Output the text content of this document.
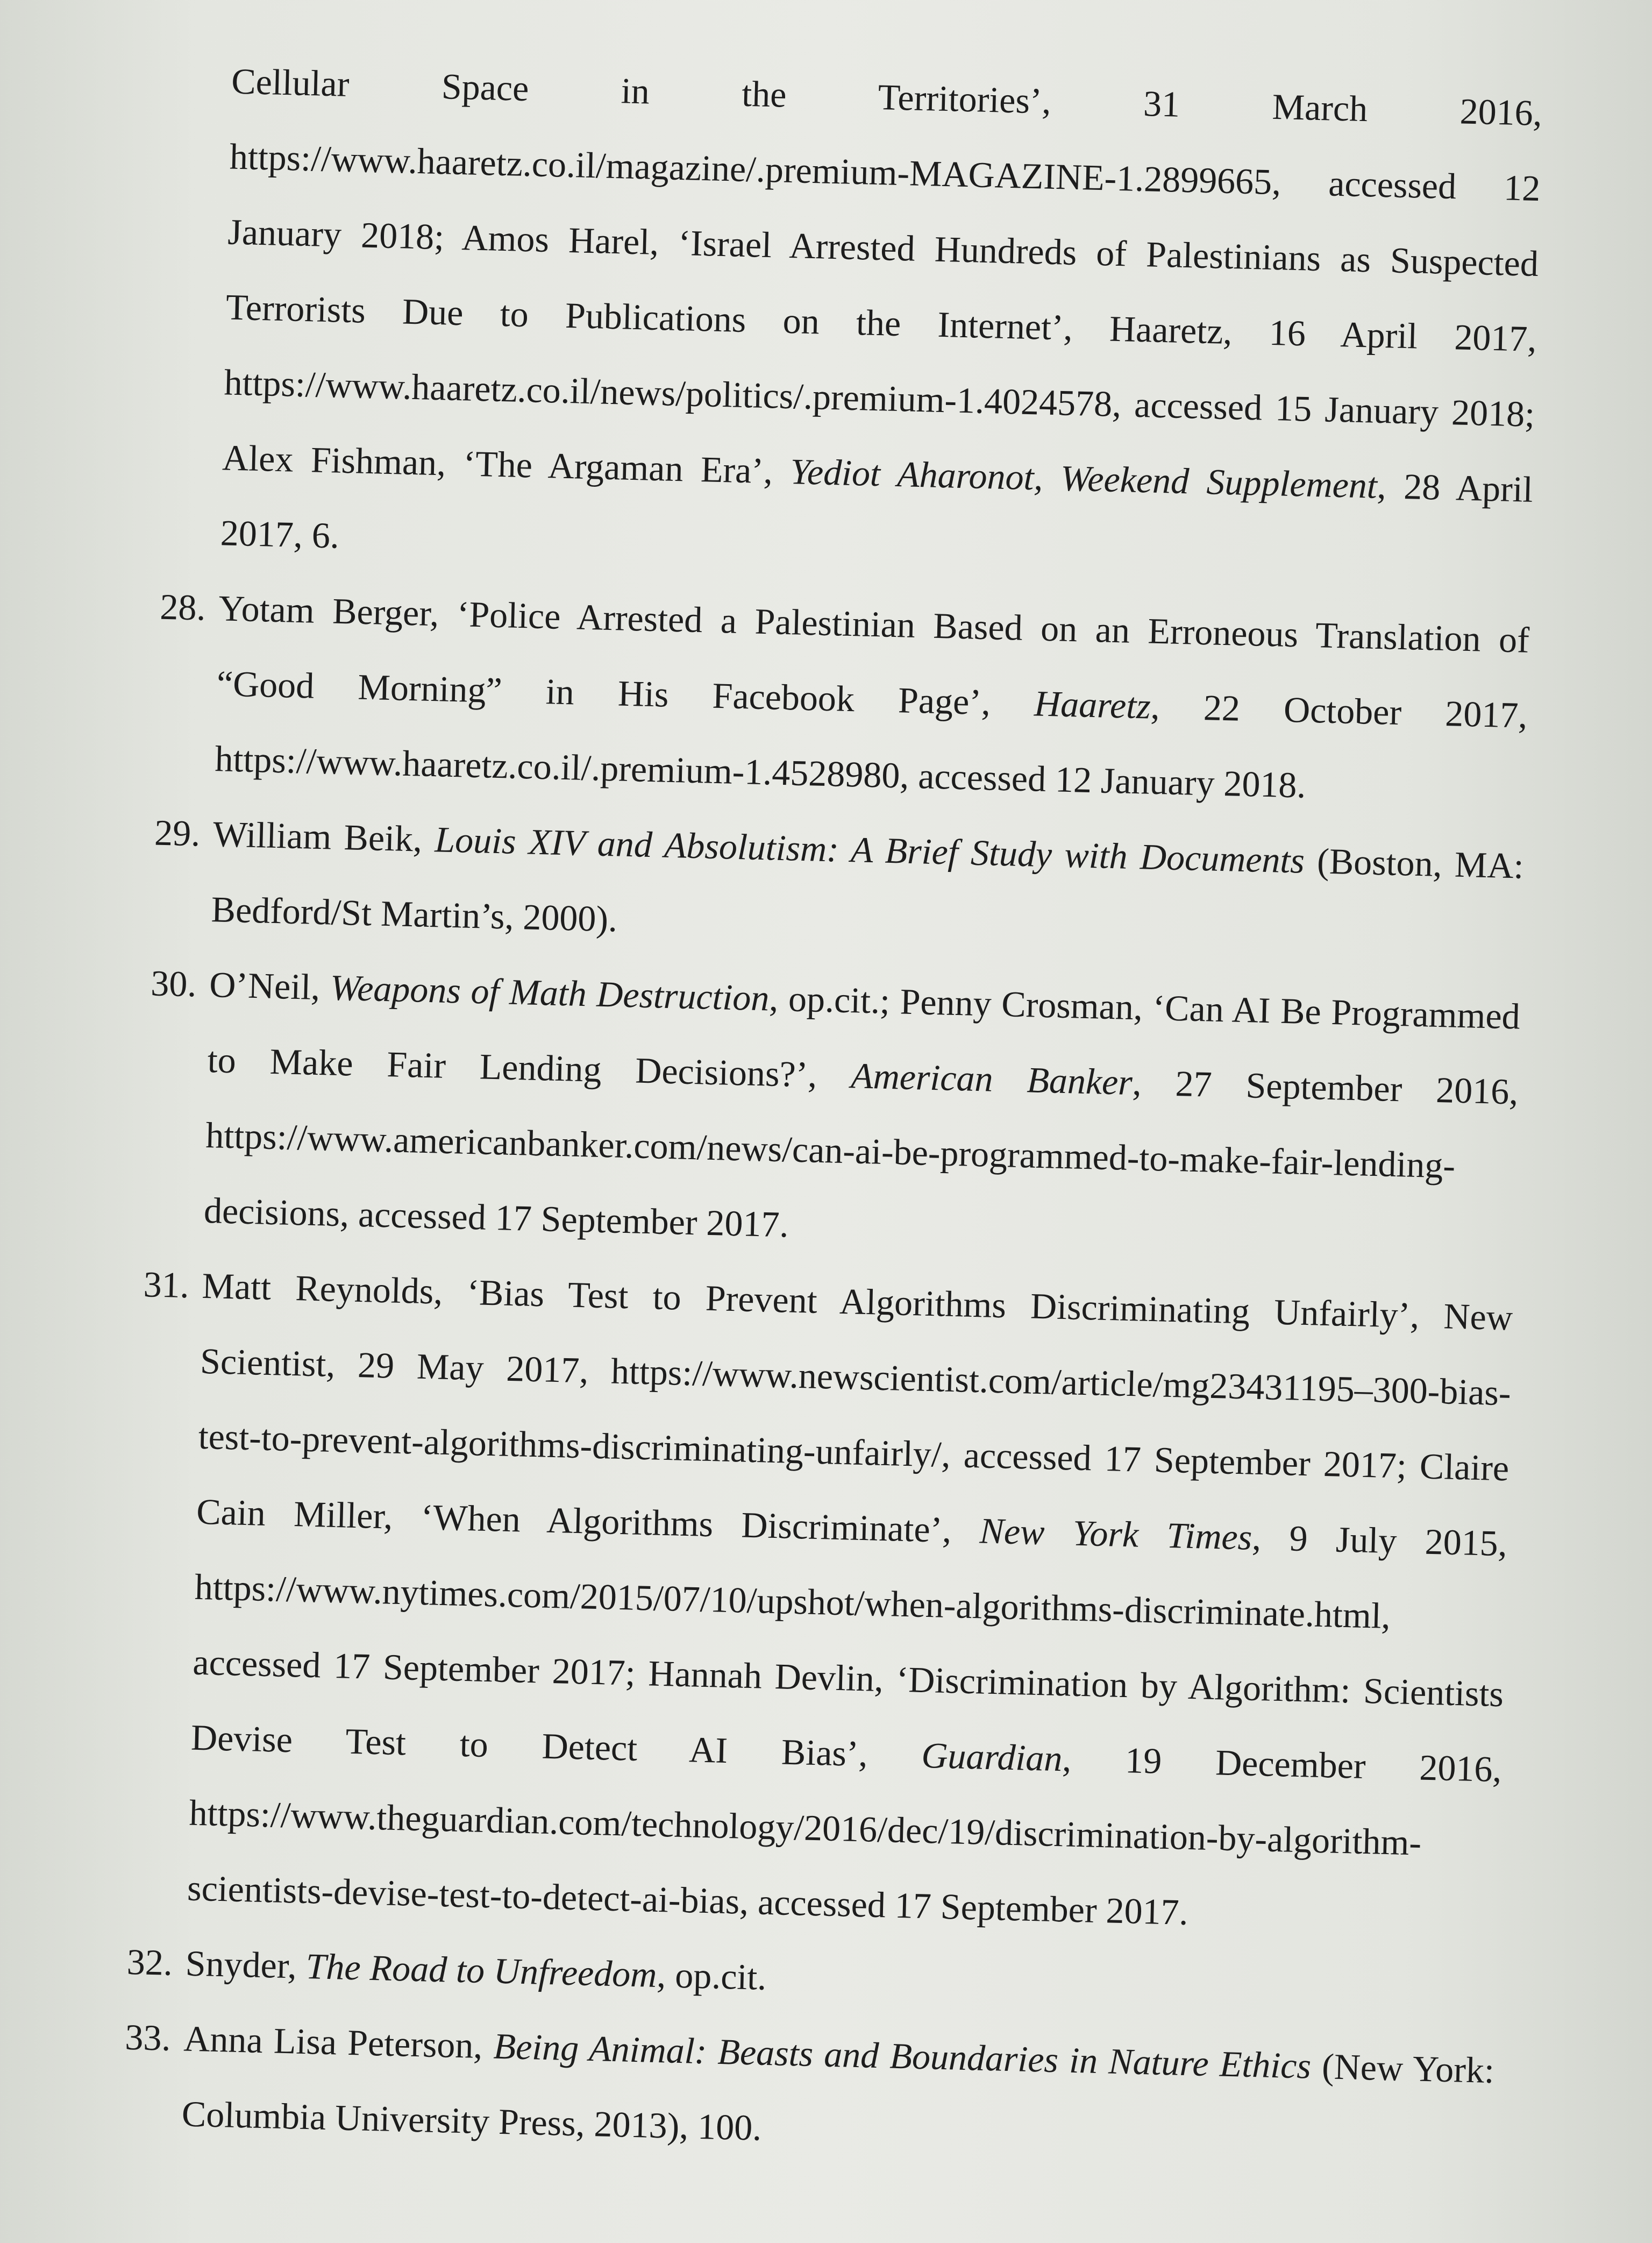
Cellular Space in the Territories’, 31 March 2016, https://www.haaretz.co.il/magazine/.premium-MAGAZINE-1.2899665, accessed 12 January 2018; Amos Harel, ‘Israel Arrested Hundreds of Palestinians as Suspected Terrorists Due to Publications on the Internet’, Haaretz, 16 April 2017, https://www.haaretz.co.il/news/politics/.premium-1.4024578, accessed 15 January 2018; Alex Fishman, ‘The Argaman Era’, Yediot Aharonot, Weekend Supplement, 28 April 2017, 6.
28. Yotam Berger, ‘Police Arrested a Palestinian Based on an Erroneous Translation of “Good Morning” in His Facebook Page’, Haaretz, 22 October 2017, https://www.haaretz.co.il/.premium-1.4528980, accessed 12 January 2018.
29. William Beik, Louis XIV and Absolutism: A Brief Study with Documents (Boston, MA: Bedford/St Martin’s, 2000).
30. O’Neil, Weapons of Math Destruction, op.cit.; Penny Crosman, ‘Can AI Be Programmed to Make Fair Lending Decisions?’, American Banker, 27 September 2016, https://www.americanbanker.com/news/can-ai-be-programmed-to-make-fair-lending-decisions, accessed 17 September 2017.
31. Matt Reynolds, ‘Bias Test to Prevent Algorithms Discriminating Unfairly’, New Scientist, 29 May 2017, https://www.newscientist.com/article/mg23431195–300-bias-test-to-prevent-algorithms-discriminating-unfairly/, accessed 17 September 2017; Claire Cain Miller, ‘When Algorithms Discriminate’, New York Times, 9 July 2015, https://www.nytimes.com/2015/07/10/upshot/when-algorithms-discriminate.html, accessed 17 September 2017; Hannah Devlin, ‘Discrimination by Algorithm: Scientists Devise Test to Detect AI Bias’, Guardian, 19 December 2016, https://www.theguardian.com/technology/2016/dec/19/discrimination-by-algorithm-scientists-devise-test-to-detect-ai-bias, accessed 17 September 2017.
32. Snyder, The Road to Unfreedom, op.cit.
33. Anna Lisa Peterson, Being Animal: Beasts and Boundaries in Nature Ethics (New York: Columbia University Press, 2013), 100.
